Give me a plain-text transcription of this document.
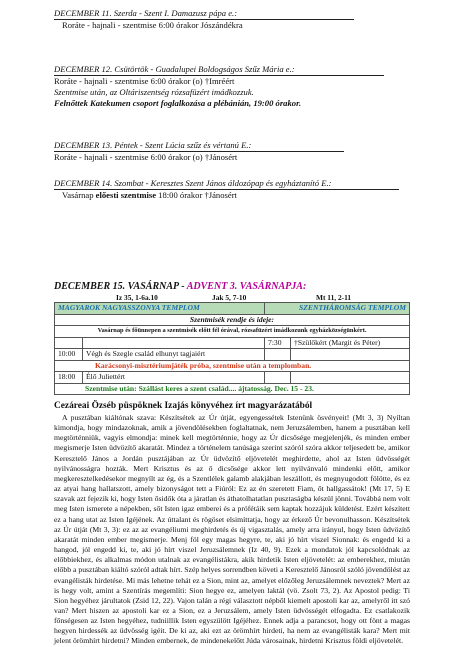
DECEMBER 11. Szerda - Szent I. Damazusz pápa e.:
Roráte - hajnali - szentmise 6:00 órakor Jószándékra
DECEMBER 12. Csütörtök - Guadalupei Boldogságos Szűz Mária e.:
Roráte - hajnali - szentmise 6:00 órakor (o) †Imréért
Szentmise után, az Oltáriszentség rózsafüzért imádkozzuk.
Felnőttek Katekumen csoport foglalkozása a plébánián, 19:00 órakor.
DECEMBER 13. Péntek - Szent Lúcia szűz és vértanú E.:
Roráte - hajnali - szentmise 6:00 órakor (o) †Jánosért
DECEMBER 14. Szombat - Keresztes Szent János áldozópap és egyháztanító E.:
Vasárnap előesti szentmise 18:00 órakor †Jánosért
DECEMBER 15. VASÁRNAP - ADVENT 3. VASÁRNAPJA:
Iz 35, 1-6a.10	Jak 5, 7-10	Mt 11, 2-11
MAGYAROK NAGYASSZONYA TEMPLOM		SZENTHÁROMSÁG TEMPLOM	
Szentmisék rendje és ideje:			
Vasárnap és főünnepen a szentmisék előtt fél órával, rózsafüzért imádkozunk egyházközségünkért.			
		7:30	†Szülőkért (Margit és Péter)
10:00	Végh és Szegle család elhunyt tagjaiért		
Karácsonyi-misztériumjáték próba, szentmise után a templomban.			
18:00	Élő Juliettért		
Szentmise után: Szállást keres a szent család.... ájtatosság. Dec. 15 - 23.			
Cezáreai Özséb püspöknek Izajás könyvéhez írt magyarázatából

A pusztában kiáltónak szava: Készítsétek az Úr útját, egyengessétek Istenünk ösvényeit! (Mt 3, 3) Nyíltan kimondja, hogy mindazoknak, amik a jövendölésekben foglaltatnak, nem Jeruzsálemben, hanem a pusztában kell megtörténniük, vagyis elmondja: minek kell megtörténnie, hogy az Úr dicsősége megjelenjék, és minden ember megismerje Isten üdvözítő akaratát. Mindez a történelem tanúsága szerint szóról szóra akkor teljesedett be, amikor Keresztelő János a Jordán pusztájában az Úr üdvözítő eljövetelét meghirdette, ahol az Isten üdvösségét nyilvánosságra hozták. Mert Krisztus és az ő dicsősége akkor lett nyilvánvaló mindenki előtt, amikor megkeresztelkedésekor megnyílt az ég, és a Szentlélek galamb alakjában leszállott, és megnyugodott fölötte, és ez az atyai hang hallatszott, amely bizonyságot tett a Fiúról: Ez az én szeretett Fiam, őt hallgassátok! (Mt 17, 5) E szavak azt fejezik ki, hogy Isten ősidők óta a járatlan és áthatolhatatlan pusztaságba készül jönni. Továbbá nem volt meg Isten ismerete a népekben, sőt Isten igaz emberei és a prófétáik sem kaptak hozzájuk küldetést. Ezért készített ez a hang utat az Isten Igéjének. Az úttalant és rögöset elsimíttatja, hogy az érkező Úr bevonulhasson. Készítsétek az Úr útját (Mt 3, 3): ez az az evangéliumi meghirdetés és új vigasztalás, amely arra irányul, hogy Isten üdvözítő akaratát minden ember megismerje. Menj föl egy magas hegyre, te, aki jó hírt viszel Sionnak: és engedd ki a hangod, jól engedd ki, te, aki jó hírt viszel Jeruzsálemnek (Iz 40, 9). Ezek a mondatok jól kapcsolódnak az előbbiekhez, és alkalmas módon utalnak az evangélistákra, akik hirdetik Isten eljövetelét: az emberekhez, miután előbb a pusztában kiáltó szóról adtak hírt. Szép helyes sorrendben követi a Keresztelő Jánosról szóló jövendölést az evangélisták hirdetése. Mi más lehetne tehát ez a Sion, mint az, amelyet előzőleg Jeruzsálemnek neveztek? Mert az is hegy volt, amint a Szentírás megemlíti: Sion hegye ez, amelyen laktál (vö. Zsolt 73, 2). Az Apostol pedig: Ti Sion hegyéhez járultatok (Zsid 12, 22). Vajon talán a régi választott népből kiemelt apostoli kar az, amelyről itt szó van? Mert hiszen az apostoli kar ez a Sion, ez a Jeruzsálem, amely Isten üdvösségét elfogadta. Ez csatlakozik főnségesen az Isten hegyéhez, tudniillik Isten egyszülött Igéjéhez. Ennek adja a parancsot, hogy ott fönt a magas hegyen hirdessék az üdvösség igéit. De ki az, aki ezt az örömhírt hirdeti, ha nem az evangélisták kara? Mert mit jelent örömhírt hirdetni? Minden embernek, de mindenekelőtt Júda városainak, hirdetni Krisztus földi eljövetelét.
